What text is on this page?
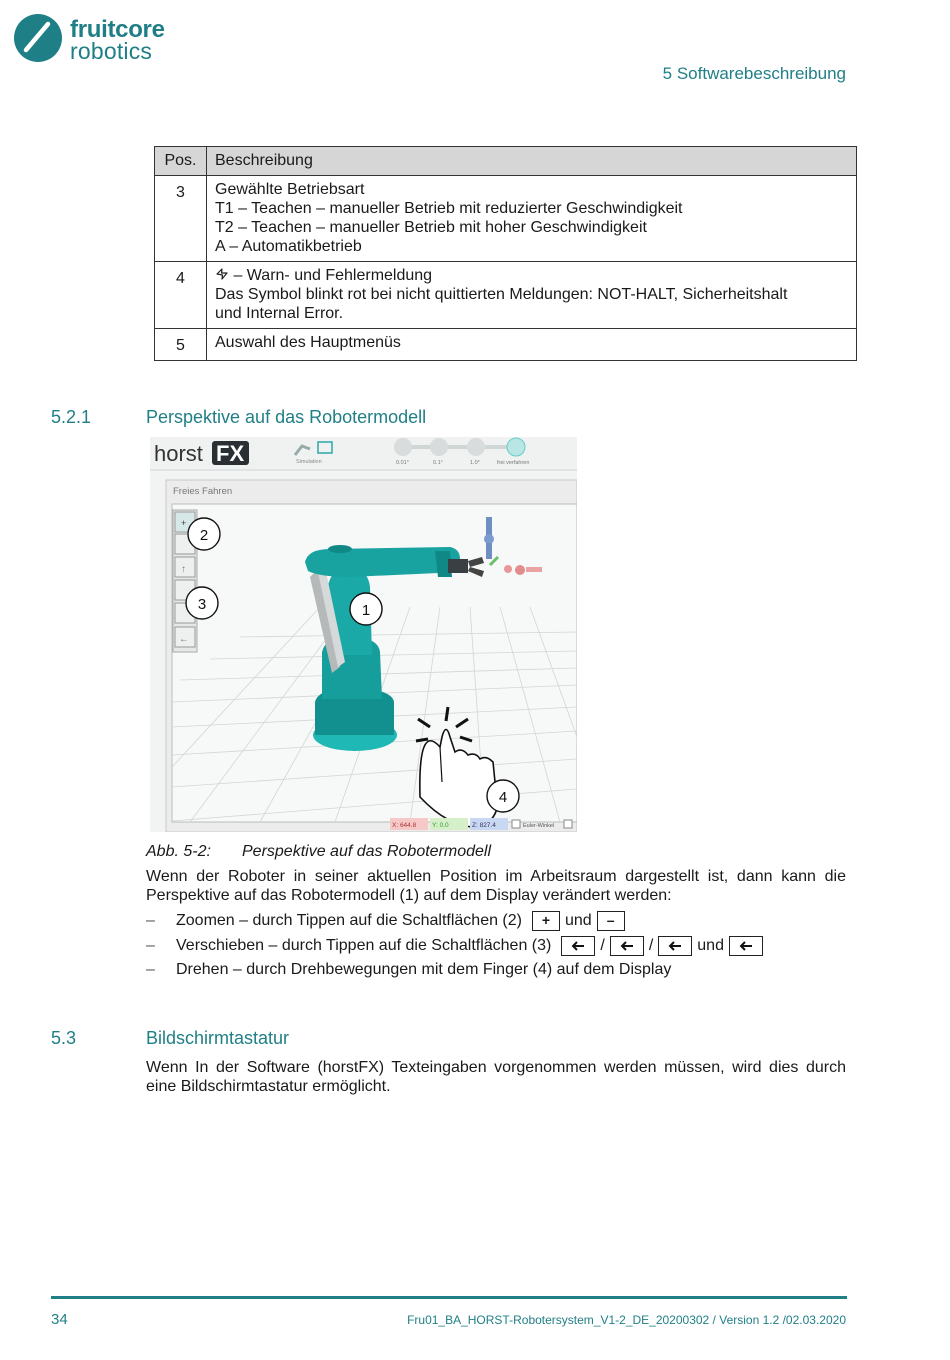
fruitcore
robotics
5 Softwarebeschreibung
Pos.	Beschreibung
3	Gewählte Betriebsart
T1 – Teachen – manueller Betrieb mit reduzierter Geschwindigkeit
T2 – Teachen – manueller Betrieb mit hoher Geschwindigkeit
A – Automatikbetrieb

4	– Warn- und Fehlermeldung
Das Symbol blinkt rot bei nicht quittierten Meldungen: NOT-HALT, Sicherheitshalt
und Internal Error.

5	Auswahl des Hauptmenüs
5.2.1	Perspektive auf das Robotermodell
horst FX	Simulation	0.01°	0.1°	1.0°	frei verfahren
Freies Fahren
+
↑
←
2
3	1
4
X: 644.8 Y: 0.0	Z: 827.4	Euler-Winkel
Abb. 5-2: Perspektive auf das Robotermodell
Wenn der Roboter in seiner aktuellen Position im Arbeitsraum dargestellt ist, dann kann die Perspektive auf das Robotermodell (1) auf dem Display verändert werden:
–	Zoomen – durch Tippen auf die Schaltflächen (2)	+ und	–
–	Verschieben – durch Tippen auf die Schaltflächen (3)	/	/	und
–	Drehen – durch Drehbewegungen mit dem Finger (4) auf dem Display
5.3	Bildschirmtastatur
Wenn In der Software (horstFX) Texteingaben vorgenommen werden müssen, wird dies durch eine Bildschirmtastatur ermöglicht.
34	Fru01_BA_HORST-Robotersystem_V1-2_DE_20200302 / Version 1.2 /02.03.2020
